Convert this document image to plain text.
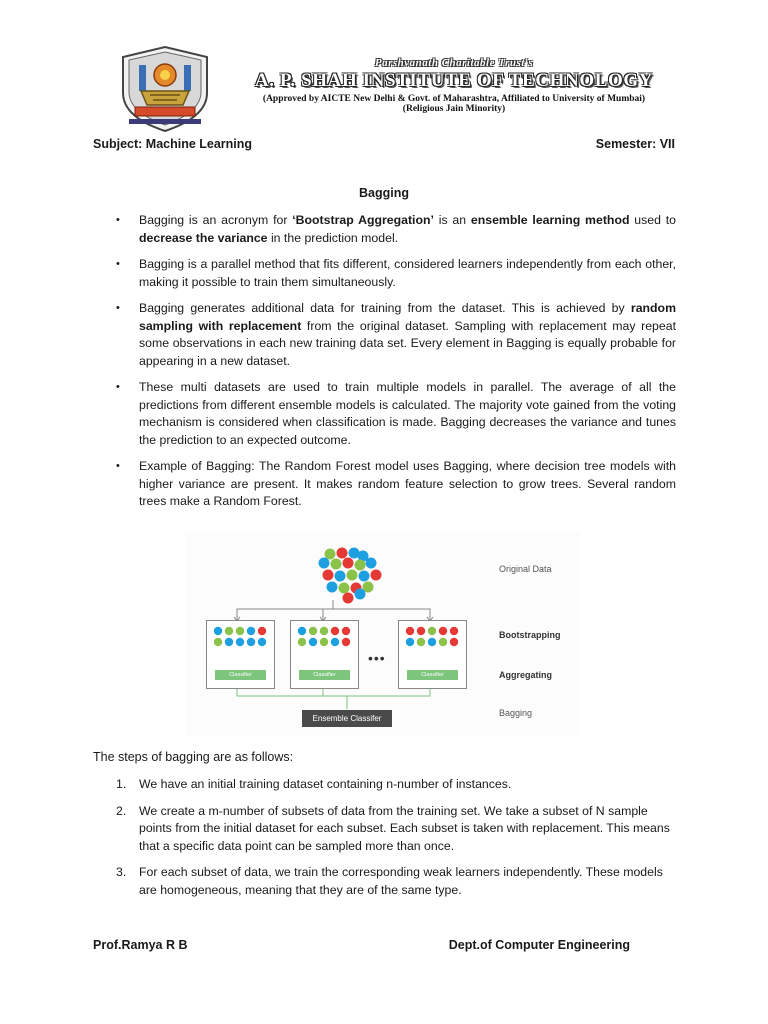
Parshvanath Charitable Trust's
A. P. SHAH INSTITUTE OF TECHNOLOGY
(Approved by AICTE New Delhi & Govt. of Maharashtra, Affiliated to University of Mumbai)
(Religious Jain Minority)
Subject: Machine Learning	Semester: VII
Bagging
• Bagging is an acronym for ‘Bootstrap Aggregation’ is an ensemble learning method used to decrease the variance in the prediction model.
• Bagging is a parallel method that fits different, considered learners independently from each other, making it possible to train them simultaneously.
• Bagging generates additional data for training from the dataset. This is achieved by random sampling with replacement from the original dataset. Sampling with replacement may repeat some observations in each new training data set. Every element in Bagging is equally probable for appearing in a new dataset.
• These multi datasets are used to train multiple models in parallel. The average of all the predictions from different ensemble models is calculated. The majority vote gained from the voting mechanism is considered when classification is made. Bagging decreases the variance and tunes the prediction to an expected outcome.
• Example of Bagging: The Random Forest model uses Bagging, where decision tree models with higher variance are present. It makes random feature selection to grow trees. Several random trees make a Random Forest.
Original Data
Bootstrapping
Aggregating
Bagging
Classifier	Classifier
•••
Classifier
Ensemble Classifer
The steps of bagging are as follows:
1. We have an initial training dataset containing n-number of instances.
2. We create a m-number of subsets of data from the training set. We take a subset of N sample points from the initial dataset for each subset. Each subset is taken with replacement. This means that a specific data point can be sampled more than once.
3. For each subset of data, we train the corresponding weak learners independently. These models are homogeneous, meaning that they are of the same type.
Prof.Ramya R B	Dept.of Computer Engineering
